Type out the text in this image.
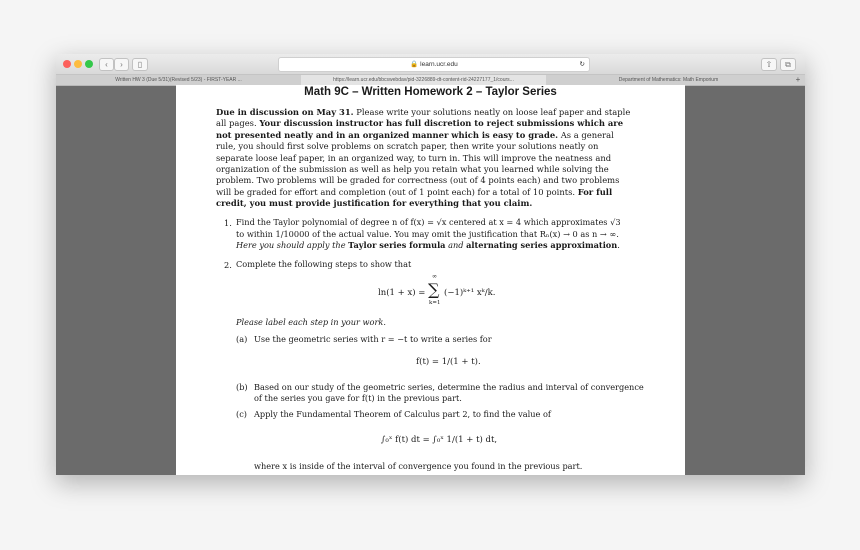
‹	›	▯	🔒 learn.ucr.edu	↻	⇧	⧉
Written HW 3 (Due 5/31)(Revised 5/23) - FIRST-YEAR ...	https://learn.ucr.edu/bbcswebdav/pid-3226889-dt-content-rid-24227177_1/cours...	Department of Mathematics: Math Emporium	+
Math 9C – Written Homework 2 – Taylor Series
Due in discussion on May 31. Please write your solutions neatly on loose leaf paper and staple all pages. Your discussion instructor has full discretion to reject submissions which are not presented neatly and in an organized manner which is easy to grade. As a general rule, you should first solve problems on scratch paper, then write your solutions neatly on separate loose leaf paper, in an organized way, to turn in. This will improve the neatness and organization of the submission as well as help you retain what you learned while solving the problem. Two problems will be graded for correctness (out of 4 points each) and two problems will be graded for effort and completion (out of 1 point each) for a total of 10 points. For full credit, you must provide justification for everything that you claim.
1. Find the Taylor polynomial of degree n of f(x) = √x centered at x = 4 which approximates √3
to within 1/10000 of the actual value. You may omit the justification that Rₙ(x) → 0 as n → ∞.
Here you should apply the Taylor series formula and alternating series approximation.
2. Complete the following steps to show that
ln(1 + x) =
∞
∑
k=1
(−1)ᵏ⁺¹ xᵏ/k.
Please label each step in your work.
(a) Use the geometric series with r = −t to write a series for
f(t) = 1/(1 + t).
(b) Based on our study of the geometric series, determine the radius and interval of convergence
of the series you gave for f(t) in the previous part.
(c) Apply the Fundamental Theorem of Calculus part 2, to find the value of
∫₀ˣ f(t) dt = ∫₀ˣ 1/(1 + t) dt,
where x is inside of the interval of convergence you found in the previous part.
